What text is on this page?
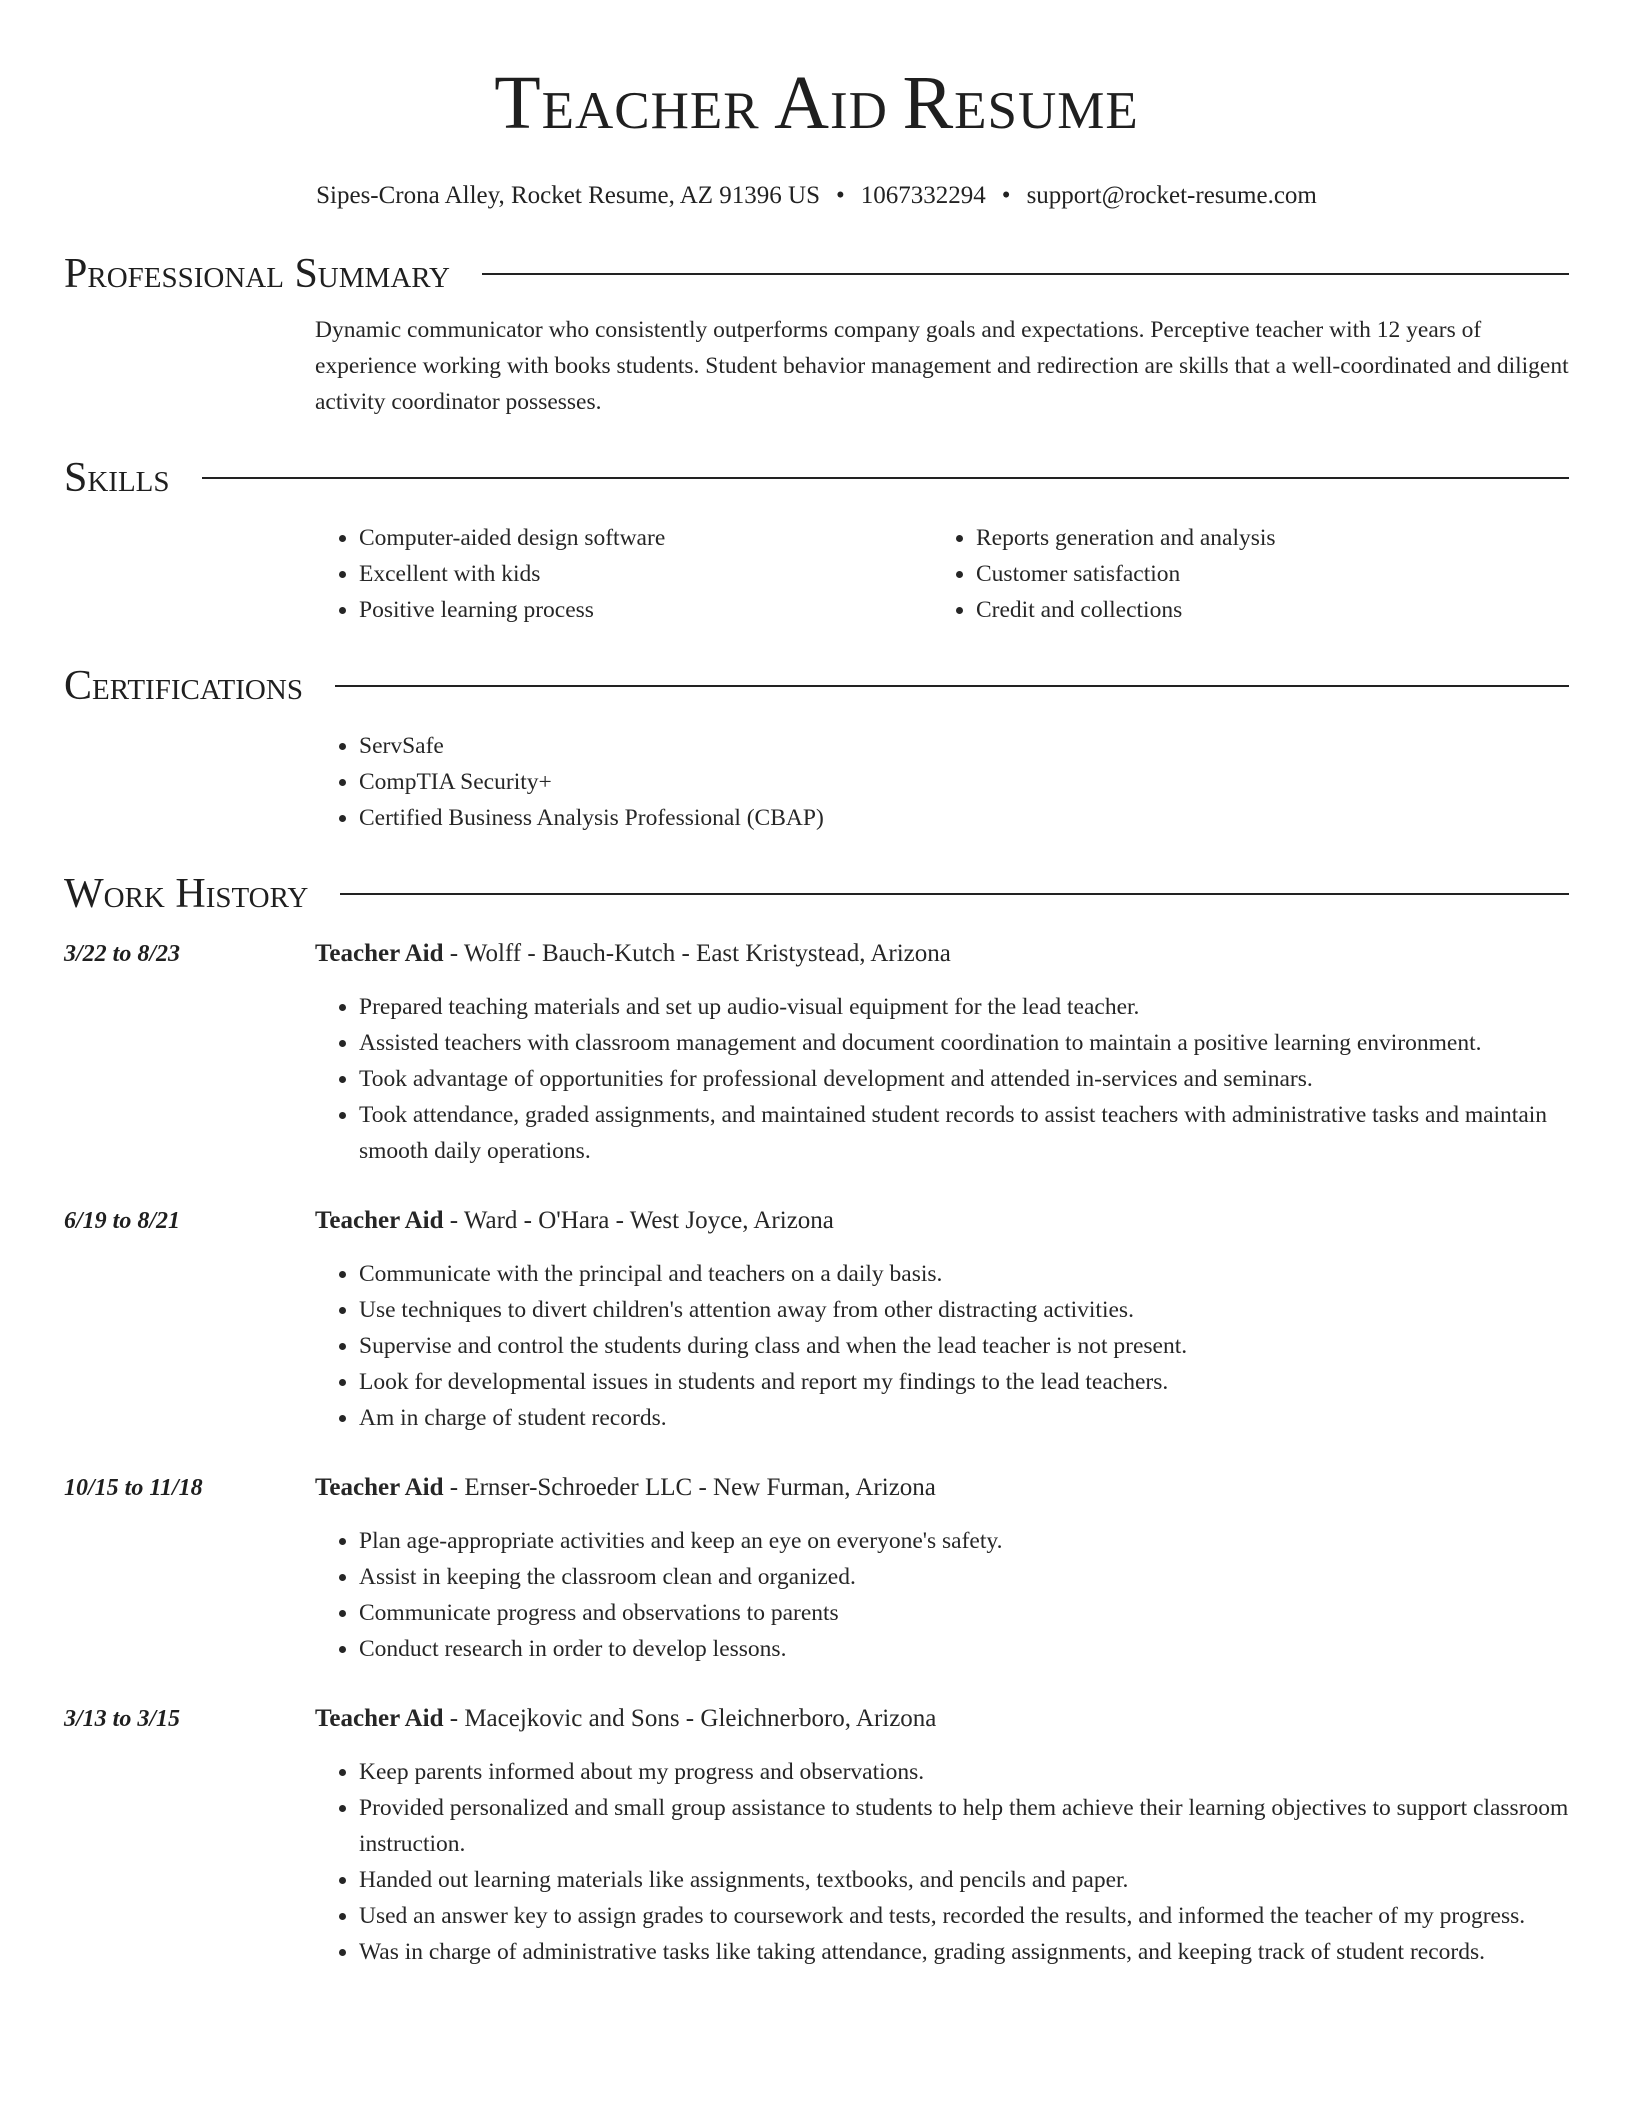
Teacher Aid Resume
Sipes-Crona Alley, Rocket Resume, AZ 91396 US • 1067332294 • support@rocket-resume.com
Professional Summary
Dynamic communicator who consistently outperforms company goals and expectations. Perceptive teacher with 12 years of experience working with books students. Student behavior management and redirection are skills that a well-coordinated and diligent activity coordinator possesses.
Skills
• Computer-aided design software
• Excellent with kids
• Positive learning process
• Reports generation and analysis
• Customer satisfaction
• Credit and collections
Certifications
• ServSafe
• CompTIA Security+
• Certified Business Analysis Professional (CBAP)
Work History
3/22 to 8/23	Teacher Aid - Wolff - Bauch-Kutch - East Kristystead, Arizona
• Prepared teaching materials and set up audio-visual equipment for the lead teacher.
• Assisted teachers with classroom management and document coordination to maintain a positive learning environment.
• Took advantage of opportunities for professional development and attended in-services and seminars.
• Took attendance, graded assignments, and maintained student records to assist teachers with administrative tasks and maintain smooth daily operations.
6/19 to 8/21	Teacher Aid - Ward - O'Hara - West Joyce, Arizona
• Communicate with the principal and teachers on a daily basis.
• Use techniques to divert children's attention away from other distracting activities.
• Supervise and control the students during class and when the lead teacher is not present.
• Look for developmental issues in students and report my findings to the lead teachers.
• Am in charge of student records.
10/15 to 11/18	Teacher Aid - Ernser-Schroeder LLC - New Furman, Arizona
• Plan age-appropriate activities and keep an eye on everyone's safety.
• Assist in keeping the classroom clean and organized.
• Communicate progress and observations to parents
• Conduct research in order to develop lessons.
3/13 to 3/15	Teacher Aid - Macejkovic and Sons - Gleichnerboro, Arizona
• Keep parents informed about my progress and observations.
• Provided personalized and small group assistance to students to help them achieve their learning objectives to support classroom instruction.
• Handed out learning materials like assignments, textbooks, and pencils and paper.
• Used an answer key to assign grades to coursework and tests, recorded the results, and informed the teacher of my progress.
• Was in charge of administrative tasks like taking attendance, grading assignments, and keeping track of student records.
